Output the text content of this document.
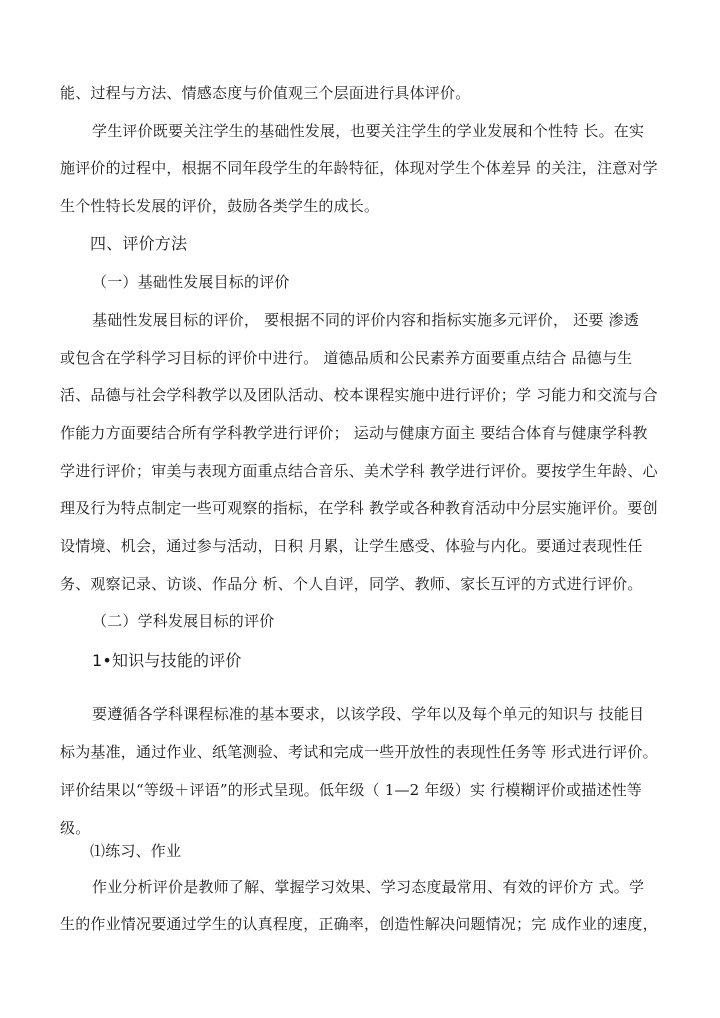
能、过程与方法、情感态度与价值观三个层面进行具体评价。
学生评价既要关注学生的基础性发展，也要关注学生的学业发展和个性特 长。在实
施评价的过程中，根据不同年段学生的年龄特征，体现对学生个体差异 的关注，注意对学
生个性特长发展的评价，鼓励各类学生的成长。
四、评价方法
（一）基础性发展目标的评价
基础性发展目标的评价， 要根据不同的评价内容和指标实施多元评价， 还要 渗透
或包含在学科学习目标的评价中进行。 道德品质和公民素养方面要重点结合 品德与生
活、品德与社会学科教学以及团队活动、校本课程实施中进行评价；学 习能力和交流与合
作能力方面要结合所有学科教学进行评价； 运动与健康方面主 要结合体育与健康学科教
学进行评价；审美与表现方面重点结合音乐、美术学科 教学进行评价。要按学生年龄、心
理及行为特点制定一些可观察的指标，在学科 教学或各种教育活动中分层实施评价。要创
设情境、机会，通过参与活动，日积 月累，让学生感受、体验与内化。要通过表现性任
务、观察记录、访谈、作品分 析、个人自评，同学、教师、家长互评的方式进行评价。
（二）学科发展目标的评价
1•知识与技能的评价
要遵循各学科课程标准的基本要求，以该学段、学年以及每个单元的知识与 技能目
标为基准，通过作业、纸笔测验、考试和完成一些开放性的表现性任务等 形式进行评价。
评价结果以“等级＋评语”的形式呈现。低年级（ 1—2 年级）实 行模糊评价或描述性等
级。
⑴练习、作业
作业分析评价是教师了解、掌握学习效果、学习态度最常用、有效的评价方 式。学
生的作业情况要通过学生的认真程度，正确率，创造性解决问题情况；完 成作业的速度，
